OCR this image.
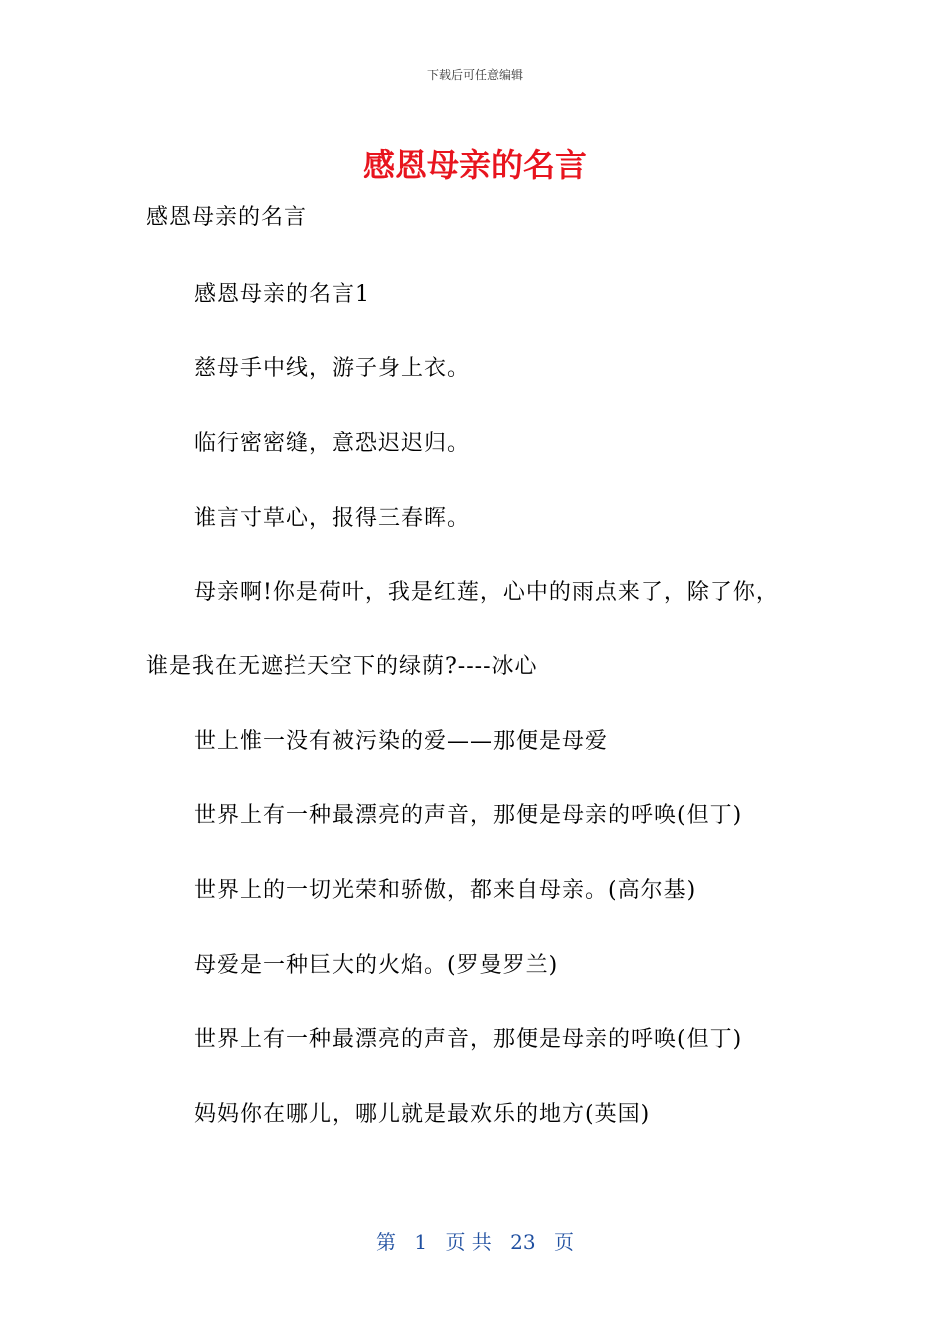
下载后可任意编辑
感恩母亲的名言
感恩母亲的名言
感恩母亲的名言1
慈母手中线，游子身上衣。
临行密密缝，意恐迟迟归。
谁言寸草心，报得三春晖。
母亲啊!你是荷叶，我是红莲，心中的雨点来了，除了你，
谁是我在无遮拦天空下的绿荫?----冰心
世上惟一没有被污染的爱——那便是母爱
世界上有一种最漂亮的声音，那便是母亲的呼唤(但丁)
世界上的一切光荣和骄傲，都来自母亲。(高尔基)
母爱是一种巨大的火焰。(罗曼罗兰)
世界上有一种最漂亮的声音，那便是母亲的呼唤(但丁)
妈妈你在哪儿，哪儿就是最欢乐的地方(英国)
第 1 页 共 23 页
